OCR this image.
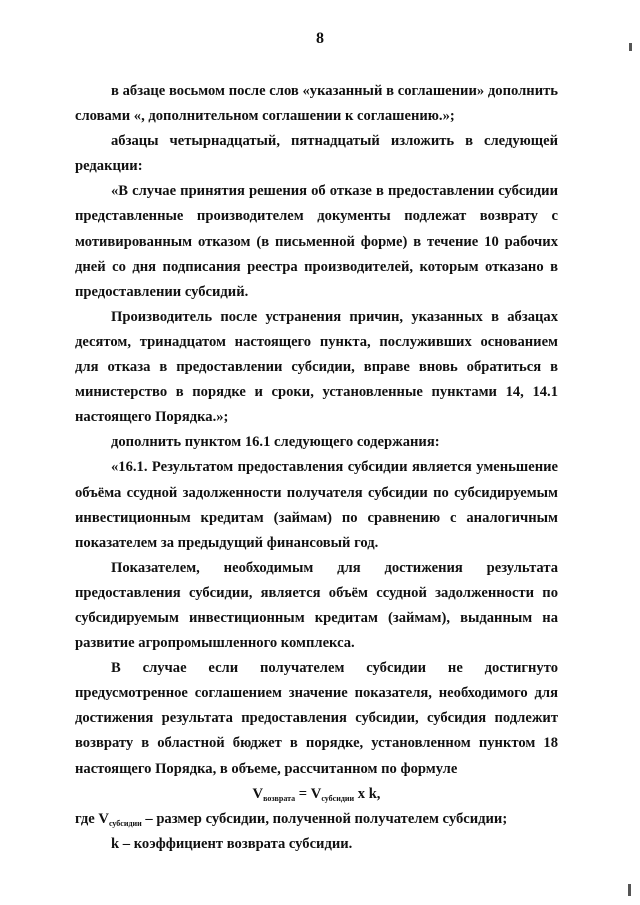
8

в абзаце восьмом после слов «указанный в соглашении» дополнить словами «, дополнительном соглашении к соглашению.»;

абзацы четырнадцатый, пятнадцатый изложить в следующей редакции:

«В случае принятия решения об отказе в предоставлении субсидии представленные производителем документы подлежат возврату с мотивированным отказом (в письменной форме) в течение 10 рабочих дней со дня подписания реестра производителей, которым отказано в предоставлении субсидий.

Производитель после устранения причин, указанных в абзацах десятом, тринадцатом настоящего пункта, послуживших основанием для отказа в предоставлении субсидии, вправе вновь обратиться в министерство в порядке и сроки, установленные пунктами 14, 14.1 настоящего Порядка.»;

дополнить пунктом 16.1 следующего содержания:

«16.1. Результатом предоставления субсидии является уменьшение объёма ссудной задолженности получателя субсидии по субсидируемым инвестиционным кредитам (займам) по сравнению с аналогичным показателем за предыдущий финансовый год.

Показателем, необходимым для достижения результата предоставления субсидии, является объём ссудной задолженности по субсидируемым инвестиционным кредитам (займам), выданным на развитие агропромышленного комплекса.

В случае если получателем субсидии не достигнуто предусмотренное соглашением значение показателя, необходимого для достижения результата предоставления субсидии, субсидия подлежит возврату в областной бюджет в порядке, установленном пунктом 18 настоящего Порядка, в объеме, рассчитанном по формуле

$V_{возврата} = V_{субсидии}$ x k,

где $V_{субсидии}$ – размер субсидии, полученной получателем субсидии;

k – коэффициент возврата субсидии.
